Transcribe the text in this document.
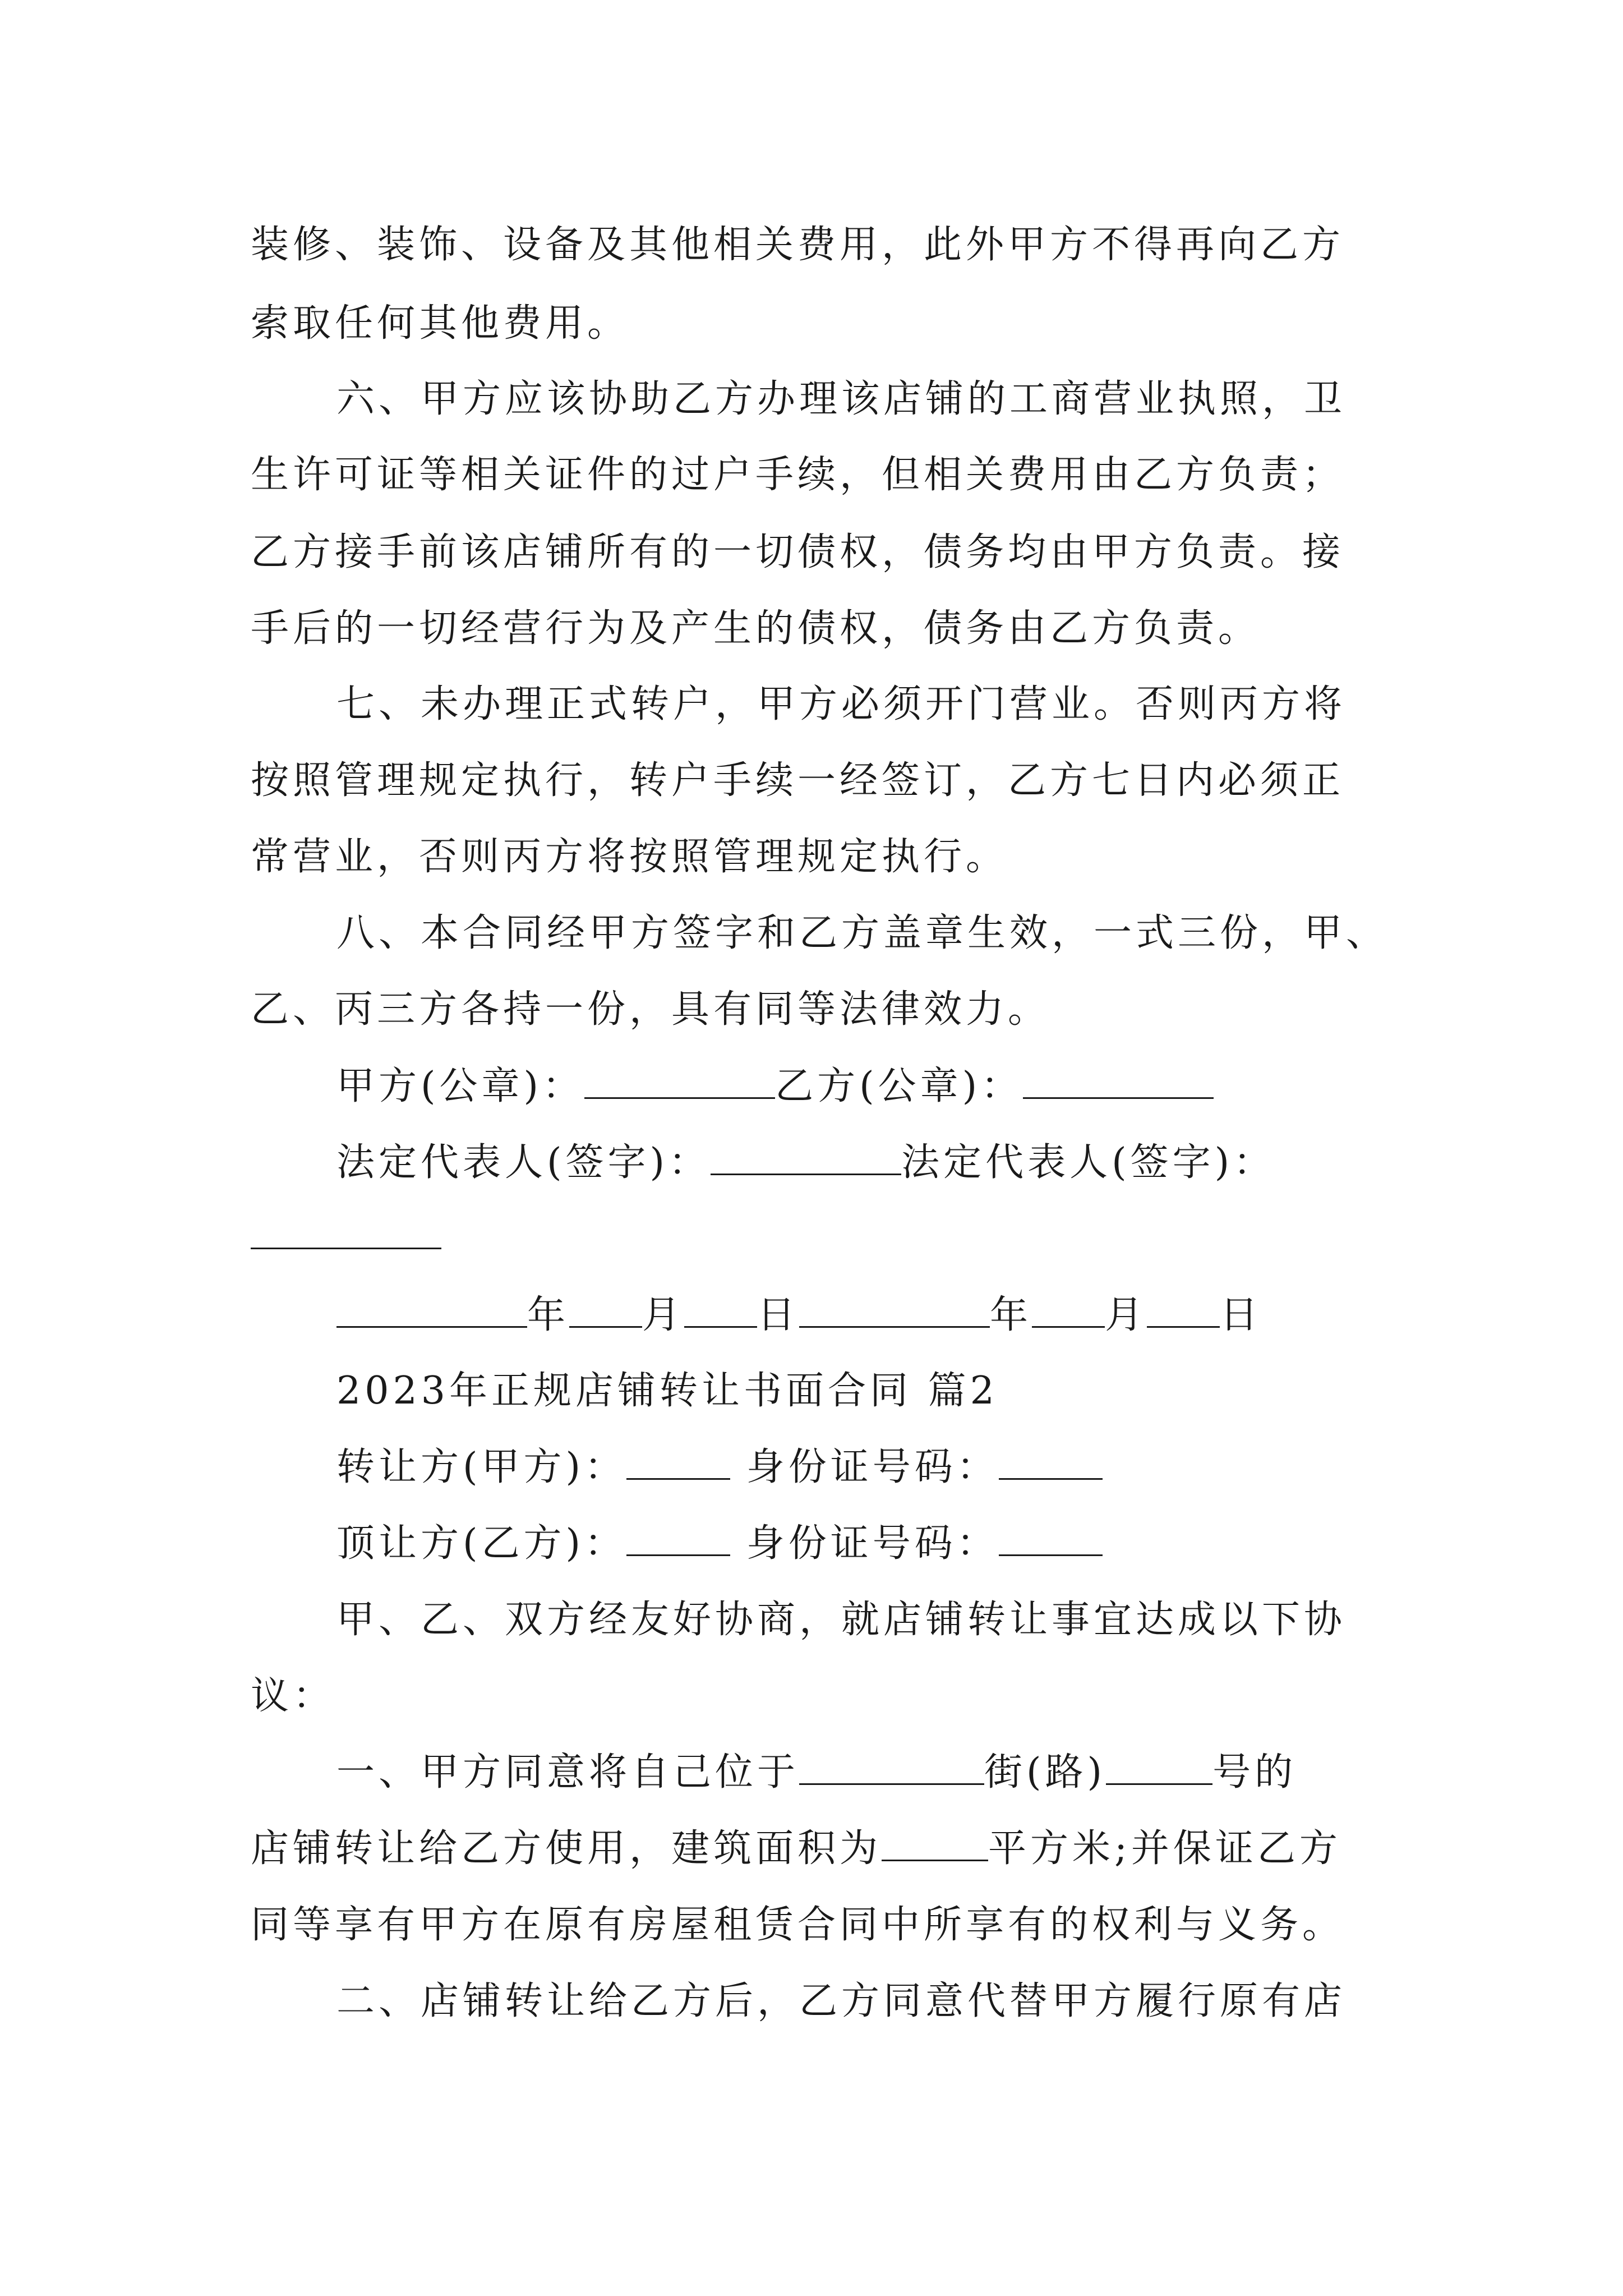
装修、装饰、设备及其他相关费用，此外甲方不得再向乙方

索取任何其他费用。

六、甲方应该协助乙方办理该店铺的工商营业执照，卫

生许可证等相关证件的过户手续，但相关费用由乙方负责；

乙方接手前该店铺所有的一切债权，债务均由甲方负责。接

手后的一切经营行为及产生的债权，债务由乙方负责。

七、未办理正式转户，甲方必须开门营业。否则丙方将

按照管理规定执行，转户手续一经签订，乙方七日内必须正

常营业，否则丙方将按照管理规定执行。

八、本合同经甲方签字和乙方盖章生效，一式三份，甲、

乙、丙三方各持一份，具有同等法律效力。

甲方(公章)：	乙方(公章)：

法定代表人(签字)：	法定代表人(签字)：

年 月 日	年 月 日

2023年正规店铺转让书面合同 篇2

转让方(甲方)：	身份证号码：

顶让方(乙方)：	身份证号码：

甲、乙、双方经友好协商，就店铺转让事宜达成以下协

议：

一、甲方同意将自己位于	街(路)	号的

店铺转让给乙方使用，建筑面积为	平方米;并保证乙方

同等享有甲方在原有房屋租赁合同中所享有的权利与义务。

二、店铺转让给乙方后，乙方同意代替甲方履行原有店
